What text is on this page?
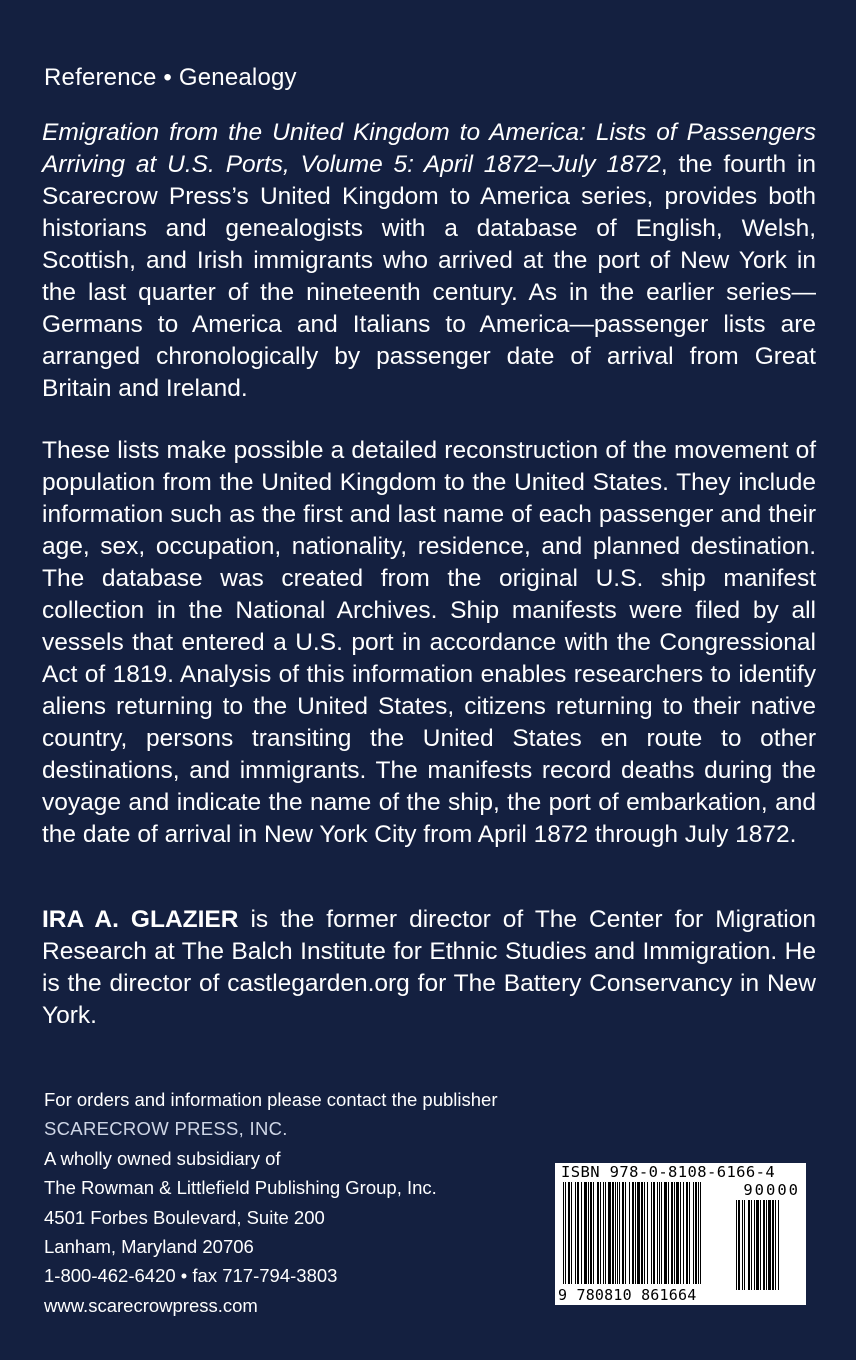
Reference • Genealogy

Emigration from the United Kingdom to America: Lists of Passengers Arriving at U.S. Ports, Volume 5: April 1872–July 1872, the fourth in Scarecrow Press’s United Kingdom to America series, provides both historians and genealogists with a database of English, Welsh, Scottish, and Irish immigrants who arrived at the port of New York in the last quarter of the nineteenth century. As in the earlier series—Germans to America and Italians to America—passenger lists are arranged chronologically by passenger date of arrival from Great Britain and Ireland.

These lists make possible a detailed reconstruction of the movement of population from the United Kingdom to the United States. They include information such as the first and last name of each passenger and their age, sex, occupation, nationality, residence, and planned destination. The database was created from the original U.S. ship manifest collection in the National Archives. Ship manifests were filed by all vessels that entered a U.S. port in accordance with the Congressional Act of 1819. Analysis of this information enables researchers to identify aliens returning to the United States, citizens returning to their native country, persons transiting the United States en route to other destinations, and immigrants. The manifests record deaths during the voyage and indicate the name of the ship, the port of embarkation, and the date of arrival in New York City from April 1872 through July 1872.

IRA A. GLAZIER is the former director of The Center for Migration Research at The Balch Institute for Ethnic Studies and Immigration. He is the director of castlegarden.org for The Battery Conservancy in New York.

For orders and information please contact the publisher
SCARECROW PRESS, INC.
A wholly owned subsidiary of
The Rowman & Littlefield Publishing Group, Inc.
4501 Forbes Boulevard, Suite 200
Lanham, Maryland 20706
1-800-462-6420 • fax 717-794-3803
www.scarecrowpress.com
ISBN 978-0-8108-6166-4
90000
9 780810 861664
